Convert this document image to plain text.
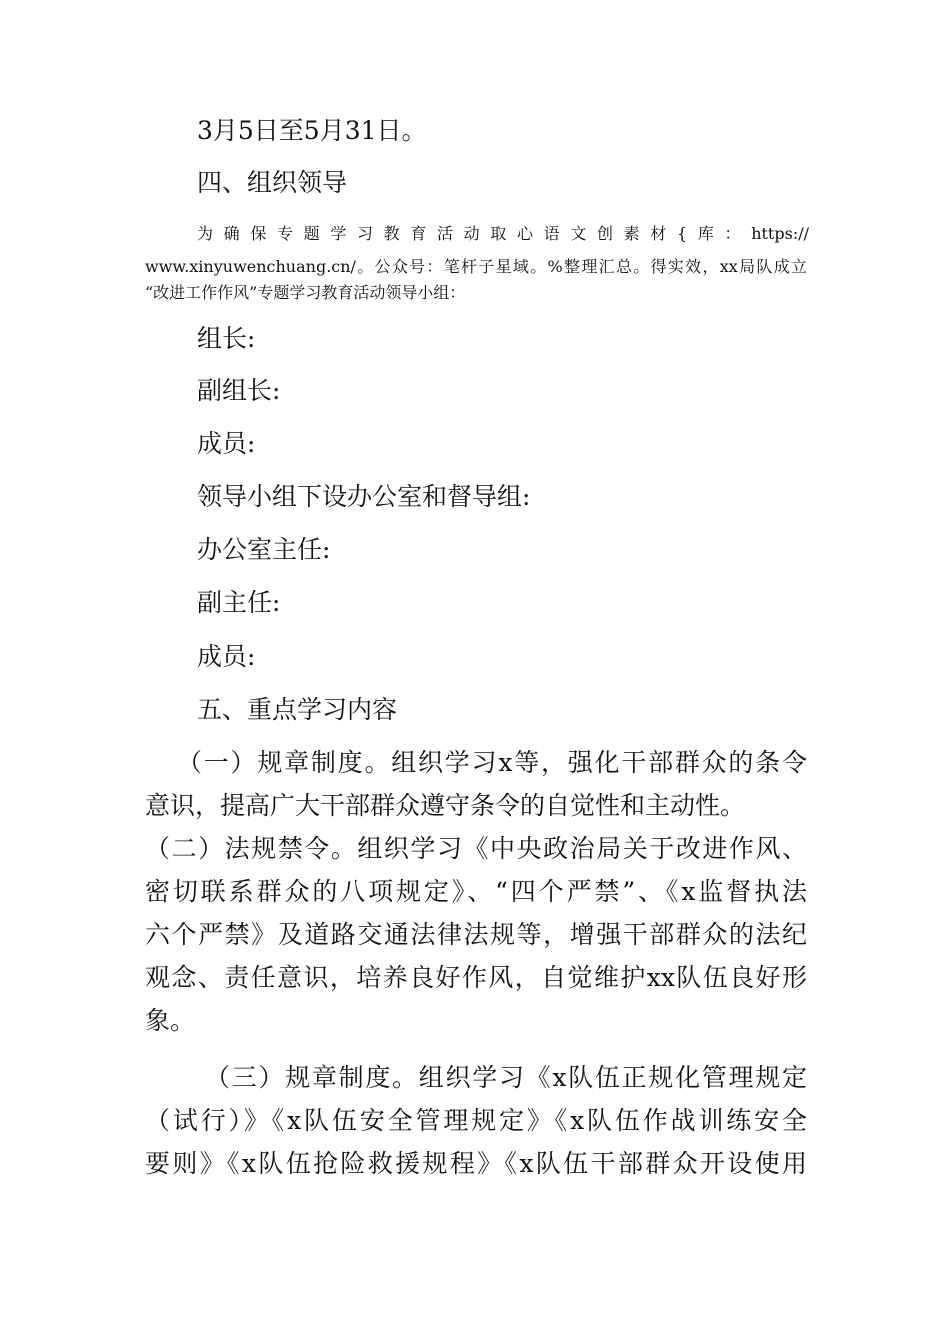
3月5日至5月31日。

四、组织领导

为确保专题学习教育活动取心语文创素材{库：https://

www.xinyuwenchuang.cn/。公众号：笔杆子星域。%整理汇总。得实效，xx局队成立

“改进工作作风”专题学习教育活动领导小组：

组长:

副组长:

成员:

领导小组下设办公室和督导组:

办公室主任:

副主任:

成员:

五、重点学习内容

（一）规章制度。组织学习x等，强化干部群众的条令

意识，提高广大干部群众遵守条令的自觉性和主动性。

（二）法规禁令。组织学习《中央政治局关于改进作风、

密切联系群众的八项规定》、“四个严禁”、《x监督执法

六个严禁》及道路交通法律法规等，增强干部群众的法纪

观念、责任意识，培养良好作风，自觉维护xx队伍良好形

象。

（三）规章制度。组织学习《x队伍正规化管理规定

（试行）》《x队伍安全管理规定》《x队伍作战训练安全

要则》《x队伍抢险救援规程》《x队伍干部群众开设使用
